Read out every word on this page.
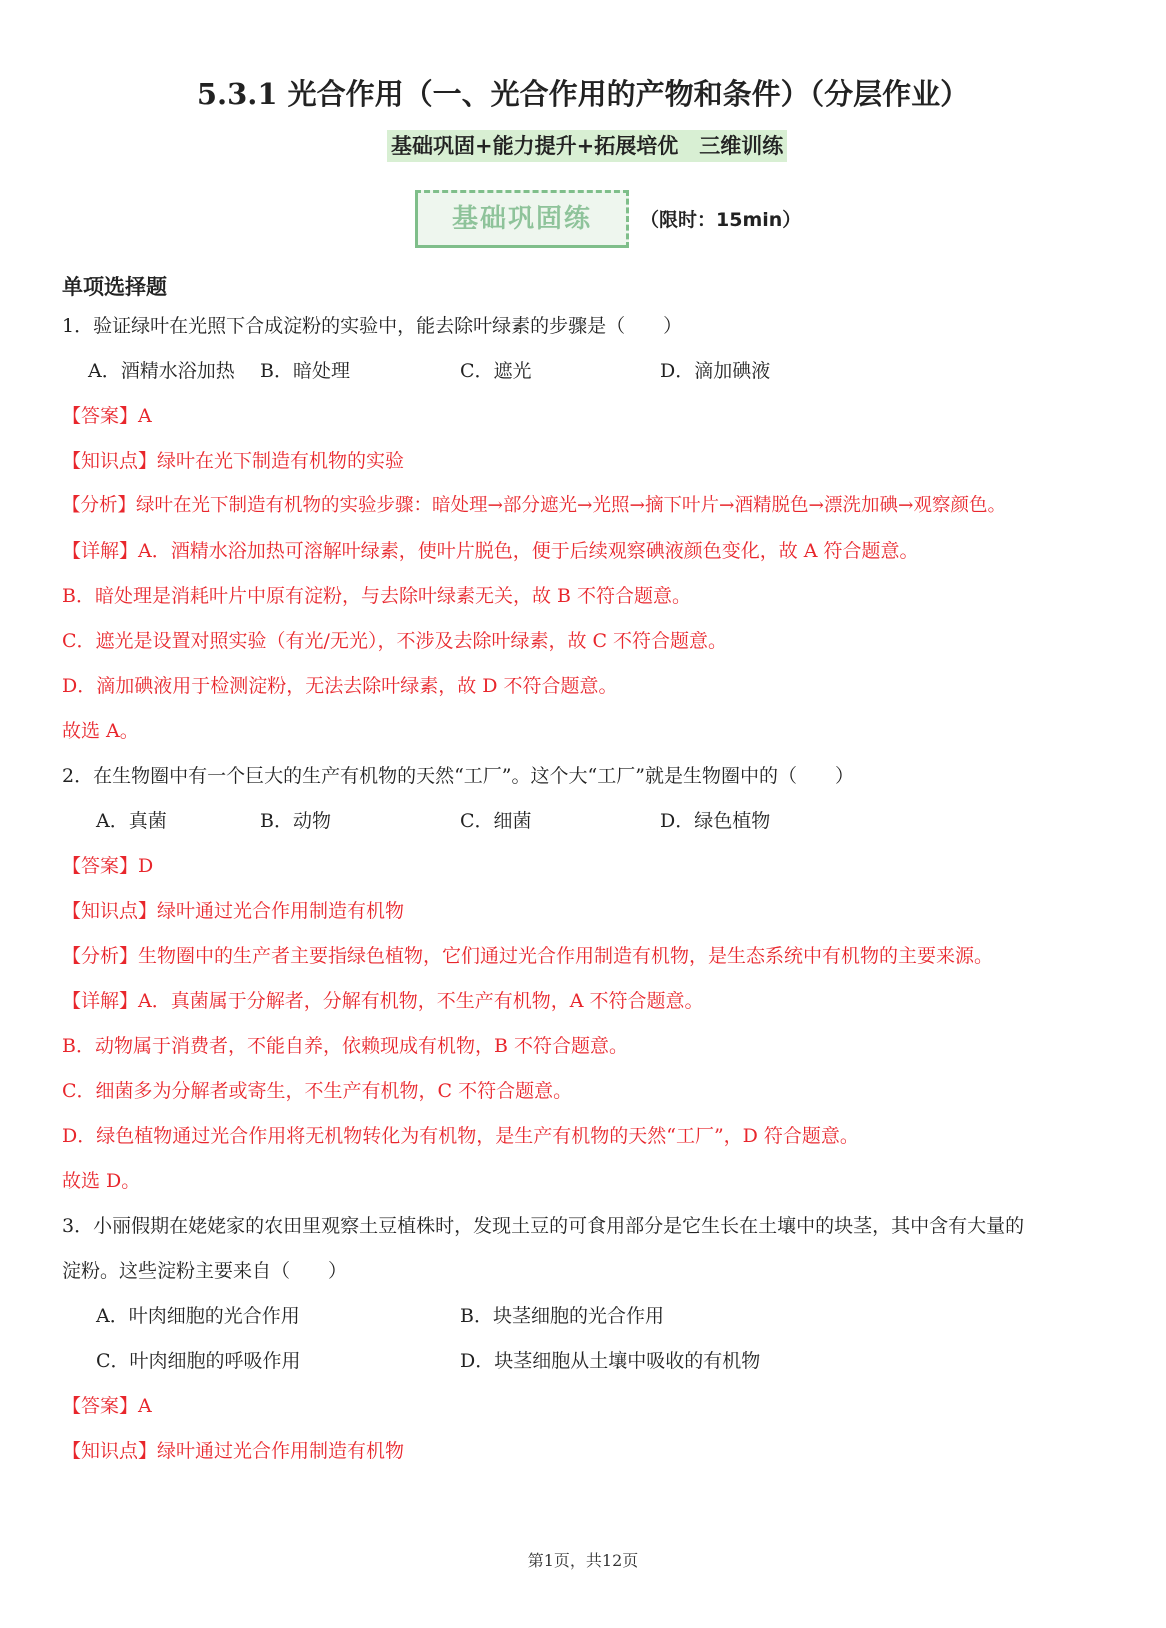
5.3.1 光合作用（一、光合作用的产物和条件）（分层作业）
基础巩固+能力提升+拓展培优　三维训练
基础巩固练	（限时：15min）
单项选择题
1．验证绿叶在光照下合成淀粉的实验中，能去除叶绿素的步骤是（　　）
A．酒精水浴加热 B．暗处理	C．遮光	D．滴加碘液
【答案】A
【知识点】绿叶在光下制造有机物的实验
【分析】绿叶在光下制造有机物的实验步骤：暗处理→部分遮光→光照→摘下叶片→酒精脱色→漂洗加碘→观察颜色。
【详解】A．酒精水浴加热可溶解叶绿素，使叶片脱色，便于后续观察碘液颜色变化，故 A 符合题意。
B．暗处理是消耗叶片中原有淀粉，与去除叶绿素无关，故 B 不符合题意。
C．遮光是设置对照实验（有光/无光），不涉及去除叶绿素，故 C 不符合题意。
D．滴加碘液用于检测淀粉，无法去除叶绿素，故 D 不符合题意。
故选 A。
2．在生物圈中有一个巨大的生产有机物的天然“工厂”。这个大“工厂”就是生物圈中的（　　）
A．真菌	B．动物	C．细菌	D．绿色植物
【答案】D
【知识点】绿叶通过光合作用制造有机物
【分析】生物圈中的生产者主要指绿色植物，它们通过光合作用制造有机物，是生态系统中有机物的主要来源。
【详解】A．真菌属于分解者，分解有机物，不生产有机物，A 不符合题意。
B．动物属于消费者，不能自养，依赖现成有机物，B 不符合题意。
C．细菌多为分解者或寄生，不生产有机物，C 不符合题意。
D．绿色植物通过光合作用将无机物转化为有机物，是生产有机物的天然“工厂”，D 符合题意。
故选 D。
3．小丽假期在姥姥家的农田里观察土豆植株时，发现土豆的可食用部分是它生长在土壤中的块茎，其中含有大量的
淀粉。这些淀粉主要来自（　　）
A．叶肉细胞的光合作用	B．块茎细胞的光合作用
C．叶肉细胞的呼吸作用	D．块茎细胞从土壤中吸收的有机物
【答案】A
【知识点】绿叶通过光合作用制造有机物
第1页，共12页
